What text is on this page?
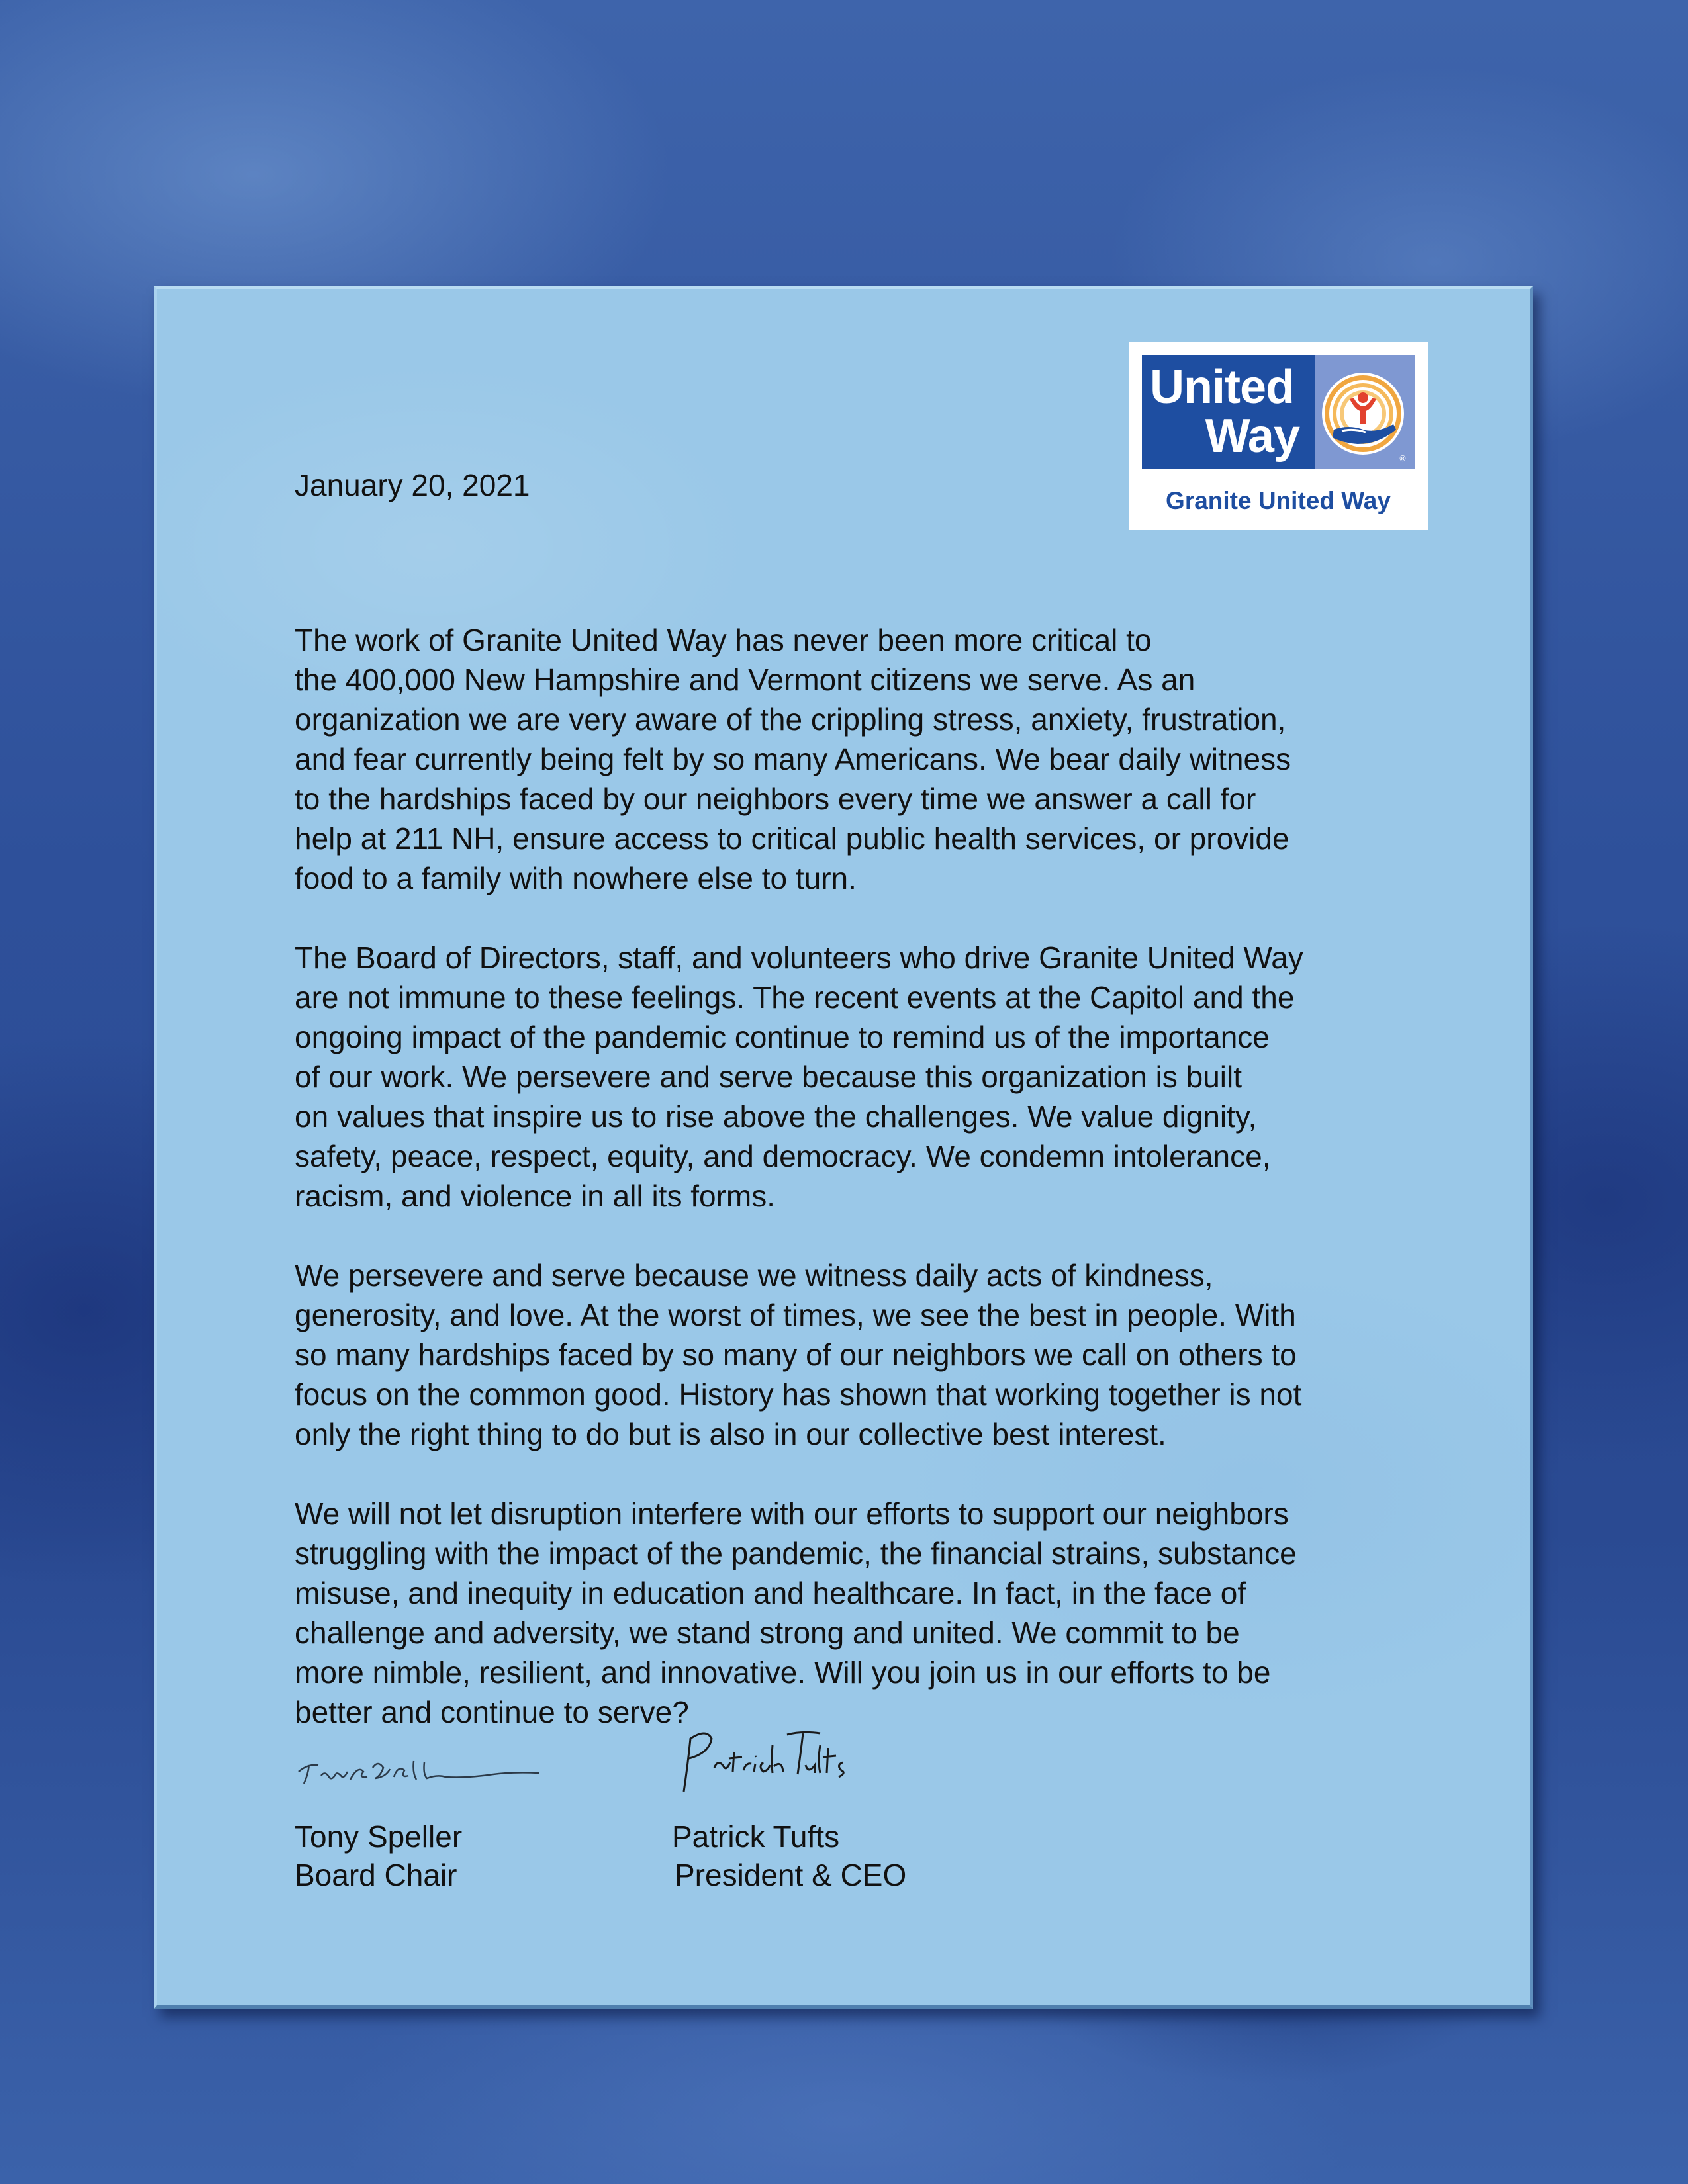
United
Way	®
Granite United Way
January 20, 2021

The work of Granite United Way has never been more critical to
the 400,000 New Hampshire and Vermont citizens we serve. As an
organization we are very aware of the crippling stress, anxiety, frustration,
and fear currently being felt by so many Americans. We bear daily witness
to the hardships faced by our neighbors every time we answer a call for
help at 211 NH, ensure access to critical public health services, or provide
food to a family with nowhere else to turn.

The Board of Directors, staff, and volunteers who drive Granite United Way
are not immune to these feelings. The recent events at the Capitol and the
ongoing impact of the pandemic continue to remind us of the importance
of our work. We persevere and serve because this organization is built
on values that inspire us to rise above the challenges. We value dignity,
safety, peace, respect, equity, and democracy. We condemn intolerance,
racism, and violence in all its forms.

We persevere and serve because we witness daily acts of kindness,
generosity, and love. At the worst of times, we see the best in people. With
so many hardships faced by so many of our neighbors we call on others to
focus on the common good. History has shown that working together is not
only the right thing to do but is also in our collective best interest.

We will not let disruption interfere with our efforts to support our neighbors
struggling with the impact of the pandemic, the financial strains, substance
misuse, and inequity in education and healthcare. In fact, in the face of
challenge and adversity, we stand strong and united. We commit to be
more nimble, resilient, and innovative. Will you join us in our efforts to be
better and continue to serve?

Tony Speller
Board Chair
Patrick Tufts
President & CEO
